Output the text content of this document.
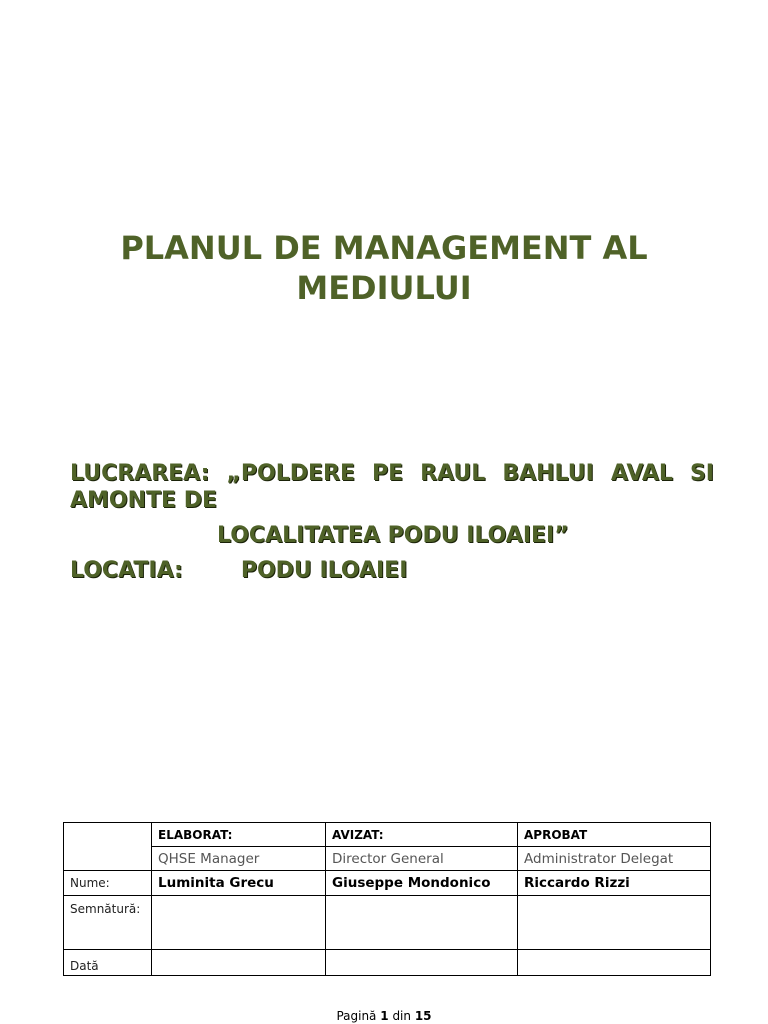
PLANUL DE MANAGEMENT AL
MEDIULUI
LUCRAREA: „POLDERE PE RAUL BAHLUI AVAL SI
AMONTE DE
LOCALITATEA PODU ILOAIEI”
LOCATIA:	PODU ILOAIEI
	ELABORAT:	AVIZAT:	APROBAT
	QHSE Manager	Director General	Administrator Delegat
Nume:	Luminita Grecu	Giuseppe Mondonico	Riccardo Rizzi
Semnătură:			
Dată			
Pagină 1 din 15
